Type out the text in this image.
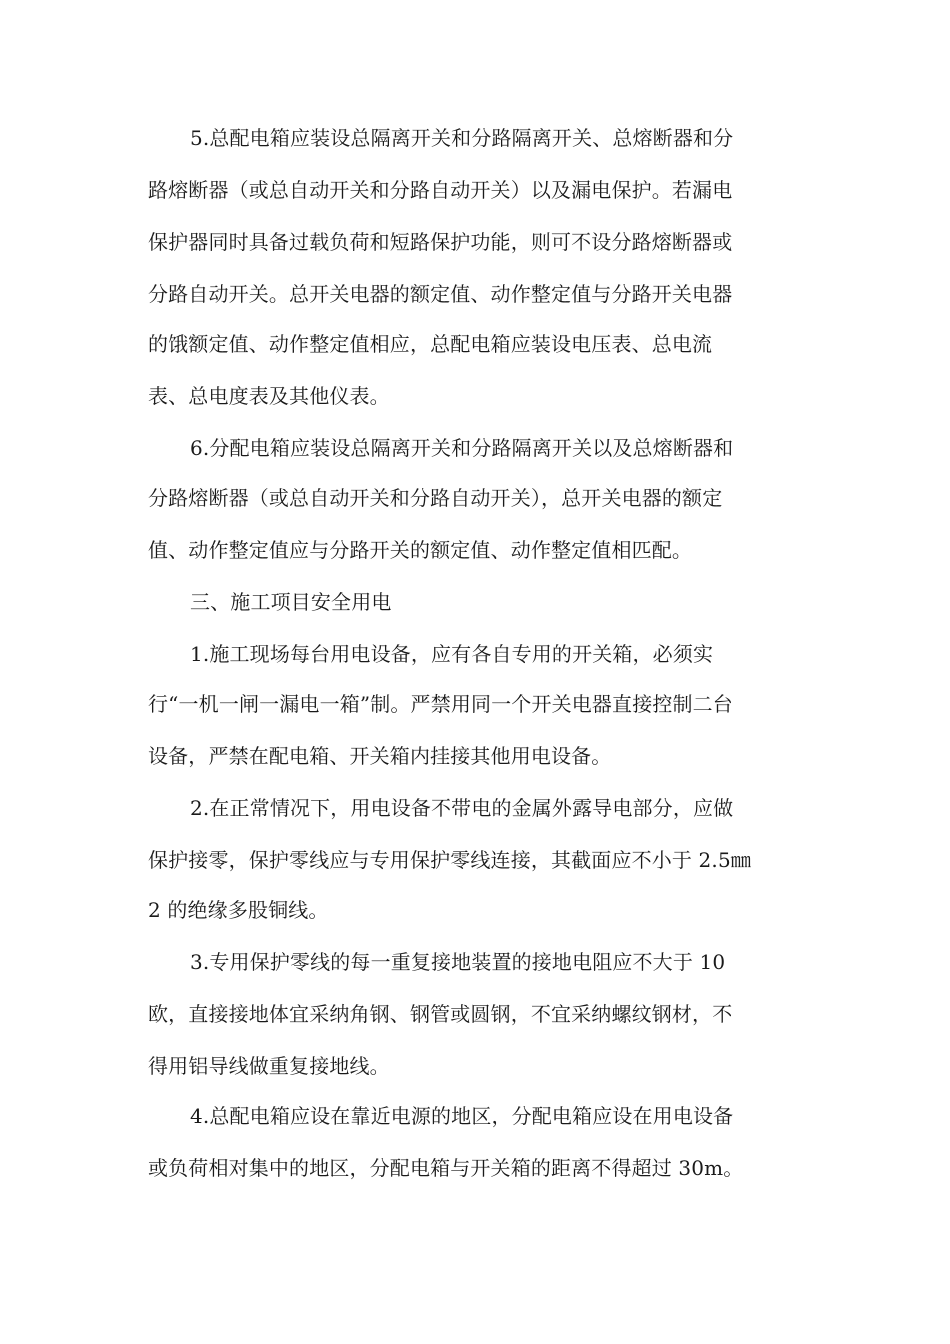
5.总配电箱应装设总隔离开关和分路隔离开关、总熔断器和分
路熔断器（或总自动开关和分路自动开关）以及漏电保护。若漏电
保护器同时具备过载负荷和短路保护功能，则可不设分路熔断器或
分路自动开关。总开关电器的额定值、动作整定值与分路开关电器
的饿额定值、动作整定值相应，总配电箱应装设电压表、总电流
表、总电度表及其他仪表。
6.分配电箱应装设总隔离开关和分路隔离开关以及总熔断器和
分路熔断器（或总自动开关和分路自动开关），总开关电器的额定
值、动作整定值应与分路开关的额定值、动作整定值相匹配。
三、施工项目安全用电
1.施工现场每台用电设备，应有各自专用的开关箱，必须实
行“一机一闸一漏电一箱”制。严禁用同一个开关电器直接控制二台
设备，严禁在配电箱、开关箱内挂接其他用电设备。
2.在正常情况下，用电设备不带电的金属外露导电部分，应做
保护接零，保护零线应与专用保护零线连接，其截面应不小于 2.5㎜
2 的绝缘多股铜线。
3.专用保护零线的每一重复接地装置的接地电阻应不大于 10
欧，直接接地体宜采纳角钢、钢管或圆钢，不宜采纳螺纹钢材，不
得用铝导线做重复接地线。
4.总配电箱应设在靠近电源的地区，分配电箱应设在用电设备
或负荷相对集中的地区，分配电箱与开关箱的距离不得超过 30m。
